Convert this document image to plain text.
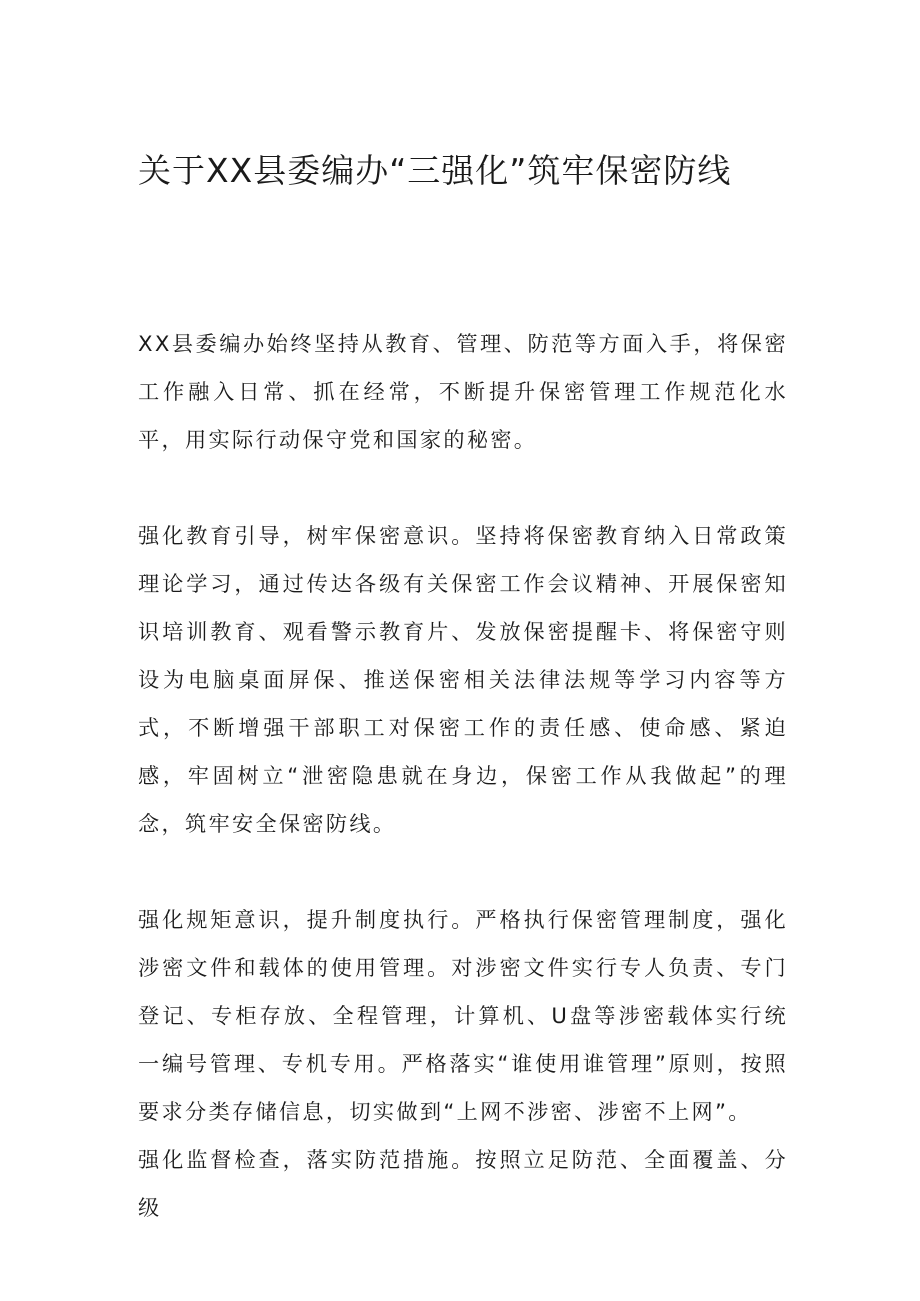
关于XX县委编办“三强化”筑牢保密防线

XX县委编办始终坚持从教育、管理、防范等方面入手，将保密工作融入日常、抓在经常，不断提升保密管理工作规范化水平，用实际行动保守党和国家的秘密。

强化教育引导，树牢保密意识。坚持将保密教育纳入日常政策理论学习，通过传达各级有关保密工作会议精神、开展保密知识培训教育、观看警示教育片、发放保密提醒卡、将保密守则设为电脑桌面屏保、推送保密相关法律法规等学习内容等方式，不断增强干部职工对保密工作的责任感、使命感、紧迫感，牢固树立“泄密隐患就在身边，保密工作从我做起”的理念，筑牢安全保密防线。

强化规矩意识，提升制度执行。严格执行保密管理制度，强化涉密文件和载体的使用管理。对涉密文件实行专人负责、专门登记、专柜存放、全程管理，计算机、U盘等涉密载体实行统一编号管理、专机专用。严格落实“谁使用谁管理”原则，按照要求分类存储信息，切实做到“上网不涉密、涉密不上网”。

强化监督检查，落实防范措施。按照立足防范、全面覆盖、分级
